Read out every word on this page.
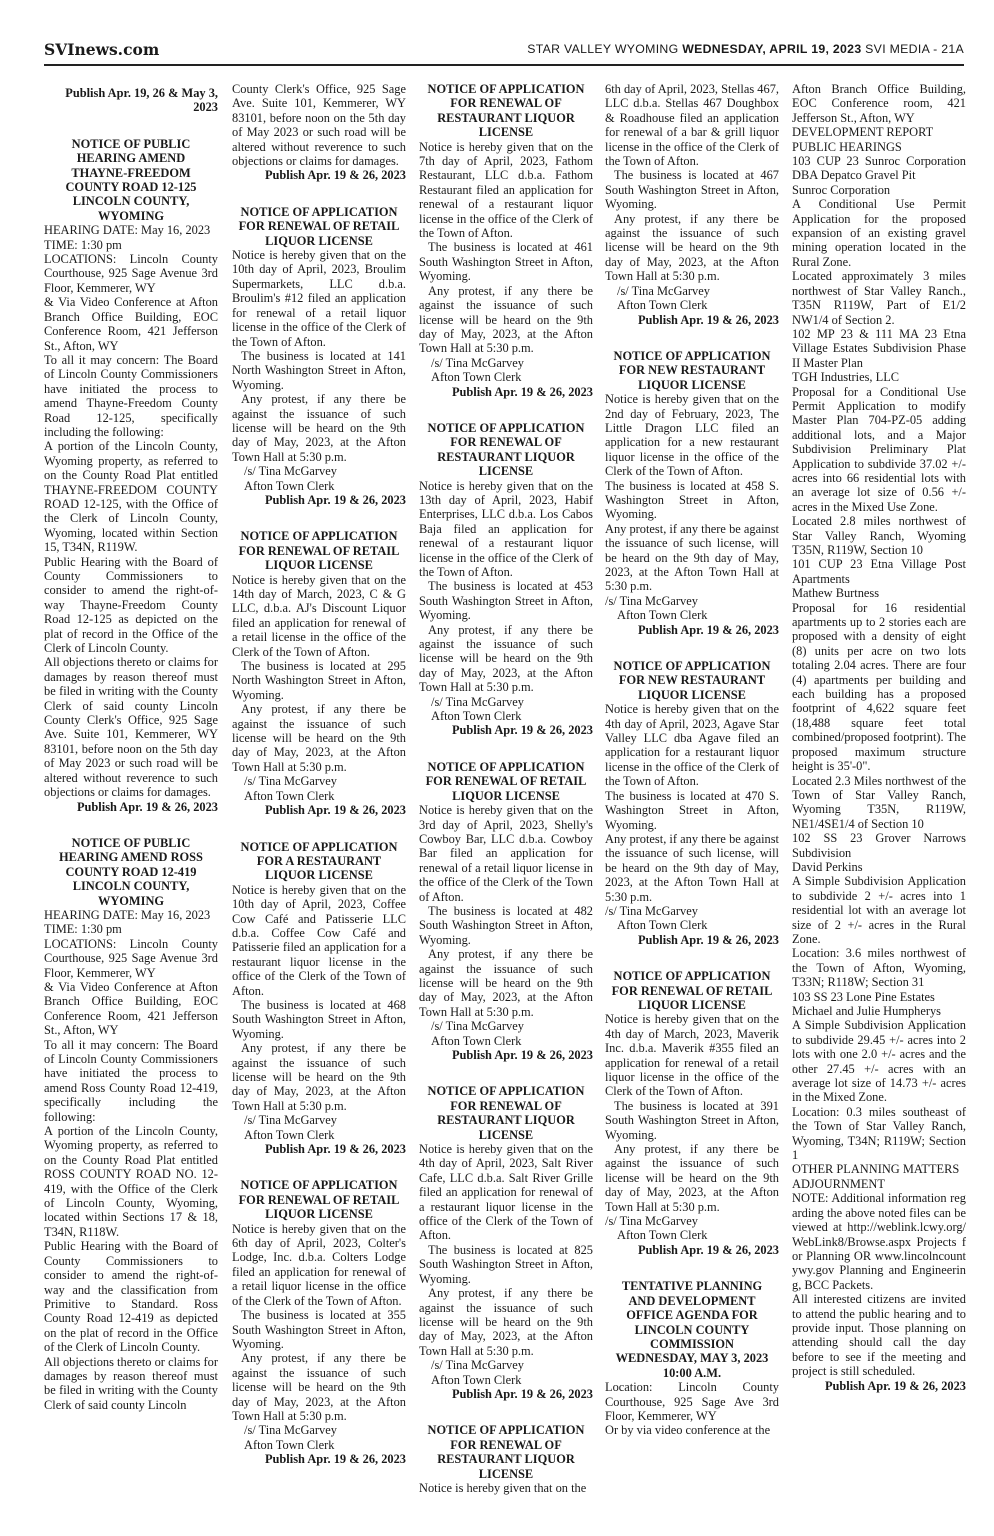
SVInews.com	STAR VALLEY WYOMING WEDNESDAY, APRIL 19, 2023 SVI MEDIA - 21A
Publish Apr. 19, 26 & May 3, 2023
NOTICE OF PUBLIC HEARING AMEND THAYNE-FREEDOM COUNTY ROAD 12-125 LINCOLN COUNTY, WYOMING
HEARING DATE: May 16, 2023
TIME: 1:30 pm
LOCATIONS: Lincoln County Courthouse, 925 Sage Avenue 3rd Floor, Kemmerer, WY
& Via Video Conference at Afton Branch Office Building, EOC Conference Room, 421 Jefferson St., Afton, WY
To all it may concern: The Board of Lincoln County Commissioners have initiated the process to amend Thayne-Freedom County Road 12-125, specifically including the following:
A portion of the Lincoln County, Wyoming property, as referred to on the County Road Plat entitled THAYNE-FREEDOM COUNTY ROAD 12-125, with the Office of the Clerk of Lincoln County, Wyoming, located within Section 15, T34N, R119W.
Public Hearing with the Board of County Commissioners to consider to amend the right-of-way Thayne-Freedom County Road 12-125 as depicted on the plat of record in the Office of the Clerk of Lincoln County.
All objections thereto or claims for damages by reason thereof must be filed in writing with the County Clerk of said county Lincoln County Clerk's Office, 925 Sage Ave. Suite 101, Kemmerer, WY 83101, before noon on the 5th day of May 2023 or such road will be altered without reverence to such objections or claims for damages.
Publish Apr. 19 & 26, 2023
NOTICE OF PUBLIC HEARING AMEND ROSS COUNTY ROAD 12-419 LINCOLN COUNTY, WYOMING
HEARING DATE: May 16, 2023
TIME: 1:30 pm
LOCATIONS: Lincoln County Courthouse, 925 Sage Avenue 3rd Floor, Kemmerer, WY
& Via Video Conference at Afton Branch Office Building, EOC Conference Room, 421 Jefferson St., Afton, WY
To all it may concern: The Board of Lincoln County Commissioners have initiated the process to amend Ross County Road 12-419, specifically including the following:
A portion of the Lincoln County, Wyoming property, as referred to on the County Road Plat entitled ROSS COUNTY ROAD NO. 12-419, with the Office of the Clerk of Lincoln County, Wyoming, located within Sections 17 & 18, T34N, R118W.
Public Hearing with the Board of County Commissioners to consider to amend the right-of-way and the classification from Primitive to Standard. Ross County Road 12-419 as depicted on the plat of record in the Office of the Clerk of Lincoln County.
All objections thereto or claims for damages by reason thereof must be filed in writing with the County Clerk of said county Lincoln
County Clerk's Office, 925 Sage Ave. Suite 101, Kemmerer, WY 83101, before noon on the 5th day of May 2023 or such road will be altered without reverence to such objections or claims for damages.
Publish Apr. 19 & 26, 2023
NOTICE OF APPLICATION FOR RENEWAL OF RETAIL LIQUOR LICENSE
Notice is hereby given that on the 10th day of April, 2023, Broulim Supermarkets, LLC d.b.a. Broulim's #12 filed an application for renewal of a retail liquor license in the office of the Clerk of the Town of Afton.
The business is located at 141 North Washington Street in Afton, Wyoming.
Any protest, if any there be against the issuance of such license will be heard on the 9th day of May, 2023, at the Afton Town Hall at 5:30 p.m.
/s/ Tina McGarvey
Afton Town Clerk
Publish Apr. 19 & 26, 2023
NOTICE OF APPLICATION FOR RENEWAL OF RETAIL LIQUOR LICENSE
Notice is hereby given that on the 14th day of March, 2023, C & G LLC, d.b.a. AJ's Discount Liquor filed an application for renewal of a retail license in the office of the Clerk of the Town of Afton.
The business is located at 295 North Washington Street in Afton, Wyoming.
Any protest, if any there be against the issuance of such license will be heard on the 9th day of May, 2023, at the Afton Town Hall at 5:30 p.m.
/s/ Tina McGarvey
Afton Town Clerk
Publish Apr. 19 & 26, 2023
NOTICE OF APPLICATION FOR A RESTAURANT LIQUOR LICENSE
Notice is hereby given that on the 10th day of April, 2023, Coffee Cow Café and Patisserie LLC d.b.a. Coffee Cow Café and Patisserie filed an application for a restaurant liquor license in the office of the Clerk of the Town of Afton.
The business is located at 468 South Washington Street in Afton, Wyoming.
Any protest, if any there be against the issuance of such license will be heard on the 9th day of May, 2023, at the Afton Town Hall at 5:30 p.m.
/s/ Tina McGarvey
Afton Town Clerk
Publish Apr. 19 & 26, 2023
NOTICE OF APPLICATION FOR RENEWAL OF RETAIL LIQUOR LICENSE
Notice is hereby given that on the 6th day of April, 2023, Colter's Lodge, Inc. d.b.a. Colters Lodge filed an application for renewal of a retail liquor license in the office of the Clerk of the Town of Afton.
The business is located at 355 South Washington Street in Afton, Wyoming.
Any protest, if any there be against the issuance of such license will be heard on the 9th day of May, 2023, at the Afton Town Hall at 5:30 p.m.
/s/ Tina McGarvey
Afton Town Clerk
Publish Apr. 19 & 26, 2023
NOTICE OF APPLICATION FOR RENEWAL OF RESTAURANT LIQUOR LICENSE
Notice is hereby given that on the 7th day of April, 2023, Fathom Restaurant, LLC d.b.a. Fathom Restaurant filed an application for renewal of a restaurant liquor license in the office of the Clerk of the Town of Afton.
The business is located at 461 South Washington Street in Afton, Wyoming.
Any protest, if any there be against the issuance of such license will be heard on the 9th day of May, 2023, at the Afton Town Hall at 5:30 p.m.
/s/ Tina McGarvey
Afton Town Clerk
Publish Apr. 19 & 26, 2023
NOTICE OF APPLICATION FOR RENEWAL OF RESTAURANT LIQUOR LICENSE
Notice is hereby given that on the 13th day of April, 2023, Habif Enterprises, LLC d.b.a. Los Cabos Baja filed an application for renewal of a restaurant liquor license in the office of the Clerk of the Town of Afton.
The business is located at 453 South Washington Street in Afton, Wyoming.
Any protest, if any there be against the issuance of such license will be heard on the 9th day of May, 2023, at the Afton Town Hall at 5:30 p.m.
/s/ Tina McGarvey
Afton Town Clerk
Publish Apr. 19 & 26, 2023
NOTICE OF APPLICATION FOR RENEWAL OF RETAIL LIQUOR LICENSE
Notice is hereby given that on the 3rd day of April, 2023, Shelly's Cowboy Bar, LLC d.b.a. Cowboy Bar filed an application for renewal of a retail liquor license in the office of the Clerk of the Town of Afton.
The business is located at 482 South Washington Street in Afton, Wyoming.
Any protest, if any there be against the issuance of such license will be heard on the 9th day of May, 2023, at the Afton Town Hall at 5:30 p.m.
/s/ Tina McGarvey
Afton Town Clerk
Publish Apr. 19 & 26, 2023
NOTICE OF APPLICATION FOR RENEWAL OF RESTAURANT LIQUOR LICENSE
Notice is hereby given that on the 4th day of April, 2023, Salt River Cafe, LLC d.b.a. Salt River Grille filed an application for renewal of a restaurant liquor license in the office of the Clerk of the Town of Afton.
The business is located at 825 South Washington Street in Afton, Wyoming.
Any protest, if any there be against the issuance of such license will be heard on the 9th day of May, 2023, at the Afton Town Hall at 5:30 p.m.
/s/ Tina McGarvey
Afton Town Clerk
Publish Apr. 19 & 26, 2023
NOTICE OF APPLICATION FOR RENEWAL OF RESTAURANT LIQUOR LICENSE
Notice is hereby given that on the
6th day of April, 2023, Stellas 467, LLC d.b.a. Stellas 467 Doughbox & Roadhouse filed an application for renewal of a bar & grill liquor license in the office of the Clerk of the Town of Afton.
The business is located at 467 South Washington Street in Afton, Wyoming.
Any protest, if any there be against the issuance of such license will be heard on the 9th day of May, 2023, at the Afton Town Hall at 5:30 p.m.
/s/ Tina McGarvey
Afton Town Clerk
Publish Apr. 19 & 26, 2023
NOTICE OF APPLICATION FOR NEW RESTAURANT LIQUOR LICENSE
Notice is hereby given that on the 2nd day of February, 2023, The Little Dragon LLC filed an application for a new restaurant liquor license in the office of the Clerk of the Town of Afton.
The business is located at 458 S. Washington Street in Afton, Wyoming.
Any protest, if any there be against the issuance of such license, will be heard on the 9th day of May, 2023, at the Afton Town Hall at 5:30 p.m.
/s/ Tina McGarvey
Afton Town Clerk
Publish Apr. 19 & 26, 2023
NOTICE OF APPLICATION FOR NEW RESTAURANT LIQUOR LICENSE
Notice is hereby given that on the 4th day of April, 2023, Agave Star Valley LLC dba Agave filed an application for a restaurant liquor license in the office of the Clerk of the Town of Afton.
The business is located at 470 S. Washington Street in Afton, Wyoming.
Any protest, if any there be against the issuance of such license, will be heard on the 9th day of May, 2023, at the Afton Town Hall at 5:30 p.m.
/s/ Tina McGarvey
Afton Town Clerk
Publish Apr. 19 & 26, 2023
NOTICE OF APPLICATION FOR RENEWAL OF RETAIL LIQUOR LICENSE
Notice is hereby given that on the 4th day of March, 2023, Maverik Inc. d.b.a. Maverik #355 filed an application for renewal of a retail liquor license in the office of the Clerk of the Town of Afton.
The business is located at 391 South Washington Street in Afton, Wyoming.
Any protest, if any there be against the issuance of such license will be heard on the 9th day of May, 2023, at the Afton Town Hall at 5:30 p.m.
/s/ Tina McGarvey
Afton Town Clerk
Publish Apr. 19 & 26, 2023
TENTATIVE PLANNING AND DEVELOPMENT OFFICE AGENDA FOR LINCOLN COUNTY COMMISSION WEDNESDAY, MAY 3, 2023 10:00 A.M.
Location: Lincoln County Courthouse, 925 Sage Ave 3rd Floor, Kemmerer, WY
Or by via video conference at the
Afton Branch Office Building, EOC Conference room, 421 Jefferson St., Afton, WY
DEVELOPMENT REPORT
PUBLIC HEARINGS
103 CUP 23 Sunroc Corporation DBA Depatco Gravel Pit
Sunroc Corporation
A Conditional Use Permit Application for the proposed expansion of an existing gravel mining operation located in the Rural Zone.
Located approximately 3 miles northwest of Star Valley Ranch., T35N R119W, Part of E1/2 NW1/4 of Section 2.
102 MP 23 & 111 MA 23 Etna Village Estates Subdivision Phase II Master Plan
TGH Industries, LLC
Proposal for a Conditional Use Permit Application to modify Master Plan 704-PZ-05 adding additional lots, and a Major Subdivision Preliminary Plat Application to subdivide 37.02 +/- acres into 66 residential lots with an average lot size of 0.56 +/- acres in the Mixed Use Zone.
Located 2.8 miles northwest of Star Valley Ranch, Wyoming T35N, R119W, Section 10
101 CUP 23 Etna Village Post Apartments
Mathew Burtness
Proposal for 16 residential apartments up to 2 stories each are proposed with a density of eight (8) units per acre on two lots totaling 2.04 acres. There are four (4) apartments per building and each building has a proposed footprint of 4,622 square feet (18,488 square feet total combined/proposed footprint). The proposed maximum structure height is 35'-0".
Located 2.3 Miles northwest of the Town of Star Valley Ranch, Wyoming T35N, R119W, NE1/4SE1/4 of Section 10
102 SS 23 Grover Narrows Subdivision
David Perkins
A Simple Subdivision Application to subdivide 2 +/- acres into 1 residential lot with an average lot size of 2 +/- acres in the Rural Zone.
Location: 3.6 miles northwest of the Town of Afton, Wyoming, T33N; R118W; Section 31
103 SS 23 Lone Pine Estates
Michael and Julie Humpherys
A Simple Subdivision Application to subdivide 29.45 +/- acres into 2 lots with one 2.0 +/- acres and the other 27.45 +/- acres with an average lot size of 14.73 +/- acres in the Mixed Zone.
Location: 0.3 miles southeast of the Town of Star Valley Ranch, Wyoming, T34N; R119W; Section 1
OTHER PLANNING MATTERS
ADJOURNMENT
NOTE: Additional information regarding the above noted files can be viewed at http://weblink.lcwy.org/WebLink8/Browse.aspx Projects for Planning OR www.lincolncountywy.gov Planning and Engineering, BCC Packets.
All interested citizens are invited to attend the public hearing and to provide input. Those planning on attending should call the day before to see if the meeting and project is still scheduled.
Publish Apr. 19 & 26, 2023
